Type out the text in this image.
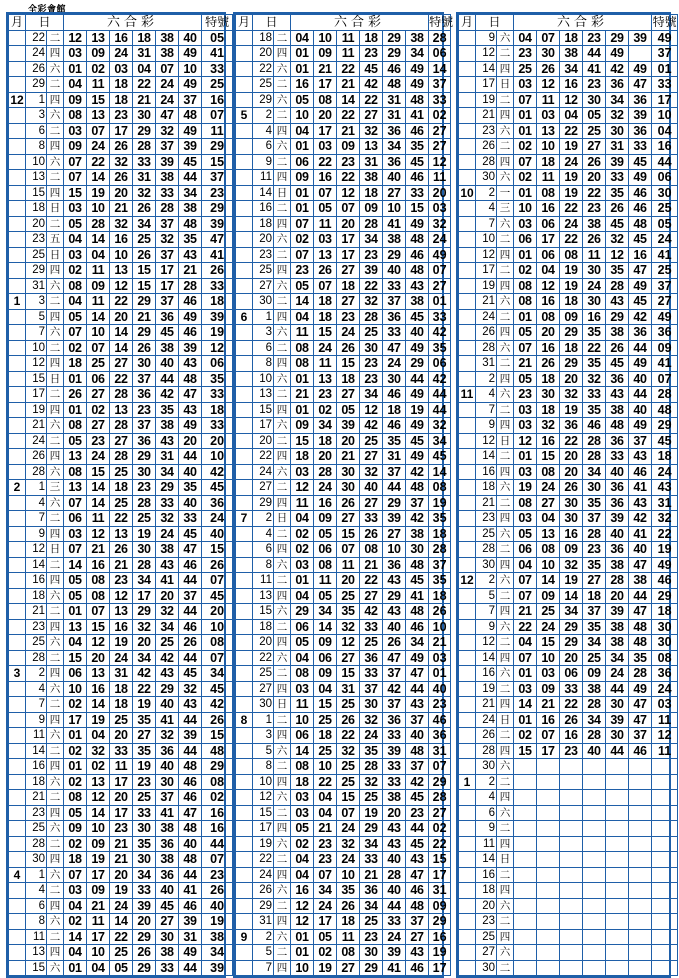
全彩會館
月	日		六合彩						特號
	22	二	12	13	16	18	38	40	05
	24	四	03	09	24	31	38	49	41
	26	六	01	02	03	04	07	10	33
	29	二	04	11	18	22	24	49	25
12	1	四	09	15	18	21	24	37	16
	3	六	08	13	23	30	47	48	07
	6	二	03	07	17	29	32	49	11
	8	四	09	24	26	28	37	39	29
	10	六	07	22	32	33	39	45	15
	13	二	07	14	26	31	38	44	37
	15	四	15	19	20	32	33	34	23
	18	日	03	10	21	26	28	38	29
	20	二	05	28	32	34	37	48	39
	23	五	04	14	16	25	32	35	47
	25	日	03	04	10	26	37	43	41
	29	四	02	11	13	15	17	21	26
	31	六	08	09	12	15	17	28	33
1	3	二	04	11	22	29	37	46	18
	5	四	05	14	20	21	36	49	39
	7	六	07	10	14	29	45	46	19
	10	二	02	07	14	26	38	39	12
	12	四	18	25	27	30	40	43	06
	15	日	01	06	22	37	44	48	35
	17	二	26	27	28	36	42	47	33
	19	四	01	02	13	23	35	43	18
	21	六	08	27	28	37	38	49	33
	24	二	05	23	27	36	43	20	20
	26	四	13	24	28	29	31	44	10
	28	六	08	15	25	30	34	40	42
2	1	三	13	14	18	23	29	35	45
	4	六	07	14	25	28	33	40	36
	7	二	06	11	22	25	32	33	24
	9	四	03	12	13	19	24	45	40
	12	日	07	21	26	30	38	47	15
	14	二	14	16	21	28	43	46	26
	16	四	05	08	23	34	41	44	07
	18	六	05	08	12	17	20	37	45
	21	二	01	07	13	29	32	44	20
	23	四	13	15	16	32	34	46	10
	25	六	04	12	19	20	25	26	08
	28	二	15	20	24	34	42	44	07
3	2	四	06	13	31	42	43	45	34
	4	六	10	16	18	22	29	32	45
	7	二	02	14	18	19	40	43	42
	9	四	17	19	25	35	41	44	26
	11	六	01	04	20	27	32	39	15
	14	二	02	32	33	35	36	44	48
	16	四	01	02	11	19	40	48	29
	18	六	02	13	17	23	30	46	08
	21	二	08	12	20	25	37	46	02
	23	四	05	14	17	33	41	47	16
	25	六	09	10	23	30	38	48	16
	28	二	02	09	21	35	36	40	44
	30	四	18	19	21	30	38	48	07
4	1	六	07	17	20	34	36	44	23
	4	二	03	09	19	33	40	41	26
	6	四	04	21	24	39	45	46	40
	8	六	02	11	14	20	27	39	19
	11	二	14	17	22	29	30	31	38
	13	四	04	10	25	26	38	49	34
	15	六	01	04	05	29	33	44	39
月	日		六合彩						特號
	18	二	04	10	11	18	29	38	28
	20	四	01	09	11	23	29	34	06
	22	六	01	21	22	45	46	49	14
	25	二	16	17	21	42	48	49	37
	29	六	05	08	14	22	31	48	33
5	2	二	10	20	22	27	31	41	02
	4	四	04	17	21	32	36	46	27
	6	六	01	03	09	13	34	35	27
	9	二	06	22	23	31	36	45	12
	11	四	09	16	22	38	40	46	11
	14	日	01	07	12	18	27	33	20
	16	二	01	05	07	09	10	15	03
	18	四	07	11	20	28	41	49	32
	20	六	02	03	17	34	38	48	24
	23	二	07	13	17	23	29	46	49
	25	四	23	26	27	39	40	48	07
	27	六	05	07	18	22	33	43	27
	30	二	14	18	27	32	37	38	01
6	1	四	04	18	23	28	36	45	33
	3	六	11	15	24	25	33	40	42
	6	二	08	24	26	30	47	49	35
	8	四	08	11	15	23	24	29	06
	10	六	01	13	18	23	30	44	42
	13	二	21	23	27	34	46	49	44
	15	四	01	02	05	12	18	19	44
	17	六	09	34	39	42	46	49	32
	20	二	15	18	20	25	35	45	34
	22	四	18	20	21	27	31	49	45
	24	六	03	28	30	32	37	42	14
	27	二	12	24	30	40	44	48	08
	29	四	11	16	26	27	29	37	19
7	2	日	04	09	27	33	39	42	35
	4	二	02	05	15	26	27	38	18
	6	四	02	06	07	08	10	30	28
	8	六	03	08	11	21	36	48	37
	11	二	01	11	20	22	43	45	35
	13	四	04	05	25	27	29	41	18
	15	六	29	34	35	42	43	48	26
	18	二	06	14	32	33	40	46	10
	20	四	05	09	12	25	26	34	21
	22	六	04	06	27	36	47	49	03
	25	二	08	09	15	33	37	47	01
	27	四	03	04	31	37	42	44	40
	30	日	11	15	25	30	37	43	23
8	1	二	10	25	26	32	36	37	46
	3	四	06	18	22	24	33	40	36
	5	六	14	25	32	35	39	48	31
	8	二	08	10	25	28	33	37	07
	10	四	18	22	25	32	33	42	29
	12	六	03	04	15	25	38	45	28
	15	二	03	04	07	19	20	23	27
	17	四	05	21	24	29	43	44	02
	19	六	02	23	32	34	43	45	22
	22	二	04	23	24	33	40	43	15
	24	四	04	07	10	21	28	47	17
	26	六	16	34	35	36	40	46	31
	29	二	12	24	26	34	44	48	09
	31	四	12	17	18	25	33	37	29
9	2	六	01	05	11	23	24	27	16
	5	二	01	02	08	30	39	43	19
	7	四	10	19	27	29	41	46	17
月	日		六合彩						特號
	9	六	04	07	18	23	29	39	49
	12	二	23	30	38	44	49		37
	14	四	25	26	34	41	42	49	01
	17	日	03	12	16	23	36	47	33
	19	二	07	11	12	30	34	36	17
	21	四	01	03	04	05	32	39	10
	23	六	01	13	22	25	30	36	04
	26	二	02	10	19	27	31	33	16
	28	四	07	18	24	26	39	45	44
	30	六	02	11	19	20	33	49	06
10	2	一	01	08	19	22	35	46	30
	4	三	10	16	22	23	26	46	25
	7	六	03	06	24	38	45	48	05
	10	二	06	17	22	26	32	45	24
	12	四	01	06	08	11	12	16	41
	17	二	02	04	19	30	35	47	25
	19	四	08	12	19	24	28	49	37
	21	六	08	16	18	30	43	45	27
	24	二	01	08	09	16	29	42	49
	26	四	05	20	29	35	38	36	36
	28	六	07	16	18	22	26	44	09
	31	二	21	26	29	35	45	49	41
	2	四	05	18	20	32	36	40	07
11	4	六	23	30	32	33	43	44	28
	7	二	03	18	19	35	38	40	48
	9	四	03	32	36	46	48	49	29
	12	日	12	16	22	28	36	37	45
	14	二	01	15	20	28	33	43	18
	16	四	03	08	20	34	40	46	24
	18	六	19	24	26	30	36	41	43
	21	二	08	27	30	35	36	43	31
	23	四	03	04	30	37	39	42	32
	25	六	05	13	16	28	40	41	22
	28	二	06	08	09	23	36	40	19
	30	四	04	10	32	35	38	47	49
12	2	六	07	14	19	27	28	38	46
	5	二	07	09	14	18	20	44	29
	7	四	21	25	34	37	39	47	18
	9	六	22	24	29	35	38	48	30
	12	二	04	15	29	34	38	48	30
	14	四	07	10	20	25	34	35	08
	16	六	01	03	06	09	24	28	36
	19	二	03	09	33	38	44	49	24
	21	四	14	21	22	28	30	47	03
	24	日	01	16	26	34	39	47	11
	26	二	02	07	16	28	30	37	12
	28	四	15	17	23	40	44	46	11
	30	六							
1	2	二							
	4	四							
	6	六							
	9	二							
	11	四							
	14	日							
	16	二							
	18	四							
	20	六							
	23	二							
	25	四							
	27	六							
	30	二							
